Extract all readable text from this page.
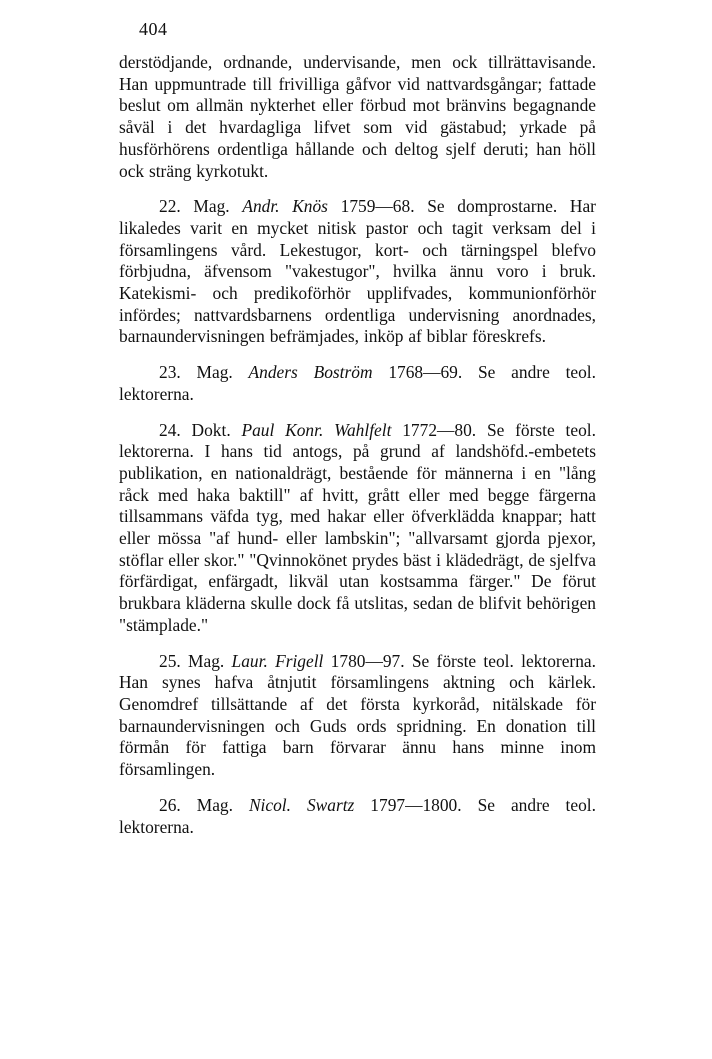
404

derstödjande, ordnande, undervisande, men ock tillrättavisande. Han uppmuntrade till frivilliga gåfvor vid nattvardsgångar; fattade beslut om allmän nykterhet eller förbud mot bränvins begagnande såväl i det hvardagliga lifvet som vid gästabud; yrkade på husförhörens ordentliga hållande och deltog sjelf deruti; han höll ock sträng kyrkotukt.

22. Mag. Andr. Knös 1759—68. Se domprostarne. Har likaledes varit en mycket nitisk pastor och tagit verksam del i församlingens vård. Lekestugor, kort- och tärningspel blefvo förbjudna, äfvensom "vakestugor", hvilka ännu voro i bruk. Katekismi- och predikoförhör upplifvades, kommunionförhör infördes; nattvardsbarnens ordentliga undervisning anordnades, barnaundervisningen befrämjades, inköp af biblar föreskrefs.

23. Mag. Anders Boström 1768—69. Se andre teol. lektorerna.

24. Dokt. Paul Konr. Wahlfelt 1772—80. Se förste teol. lektorerna. I hans tid antogs, på grund af landshöfd.-embetets publikation, en nationaldrägt, bestående för männerna i en "lång råck med haka baktill" af hvitt, grått eller med begge färgerna tillsammans väfda tyg, med hakar eller öfverklädda knappar; hatt eller mössa "af hund- eller lambskin"; "allvarsamt gjorda pjexor, stöflar eller skor." "Qvinnokönet prydes bäst i klädedrägt, de sjelfva förfärdigat, enfärgadt, likväl utan kostsamma färger." De förut brukbara kläderna skulle dock få utslitas, sedan de blifvit behörigen "stämplade."

25. Mag. Laur. Frigell 1780—97. Se förste teol. lektorerna. Han synes hafva åtnjutit församlingens aktning och kärlek. Genomdref tillsättande af det första kyrkoråd, nitälskade för barnaundervisningen och Guds ords spridning. En donation till förmån för fattiga barn förvarar ännu hans minne inom församlingen.

26. Mag. Nicol. Swartz 1797—1800. Se andre teol. lektorerna.
